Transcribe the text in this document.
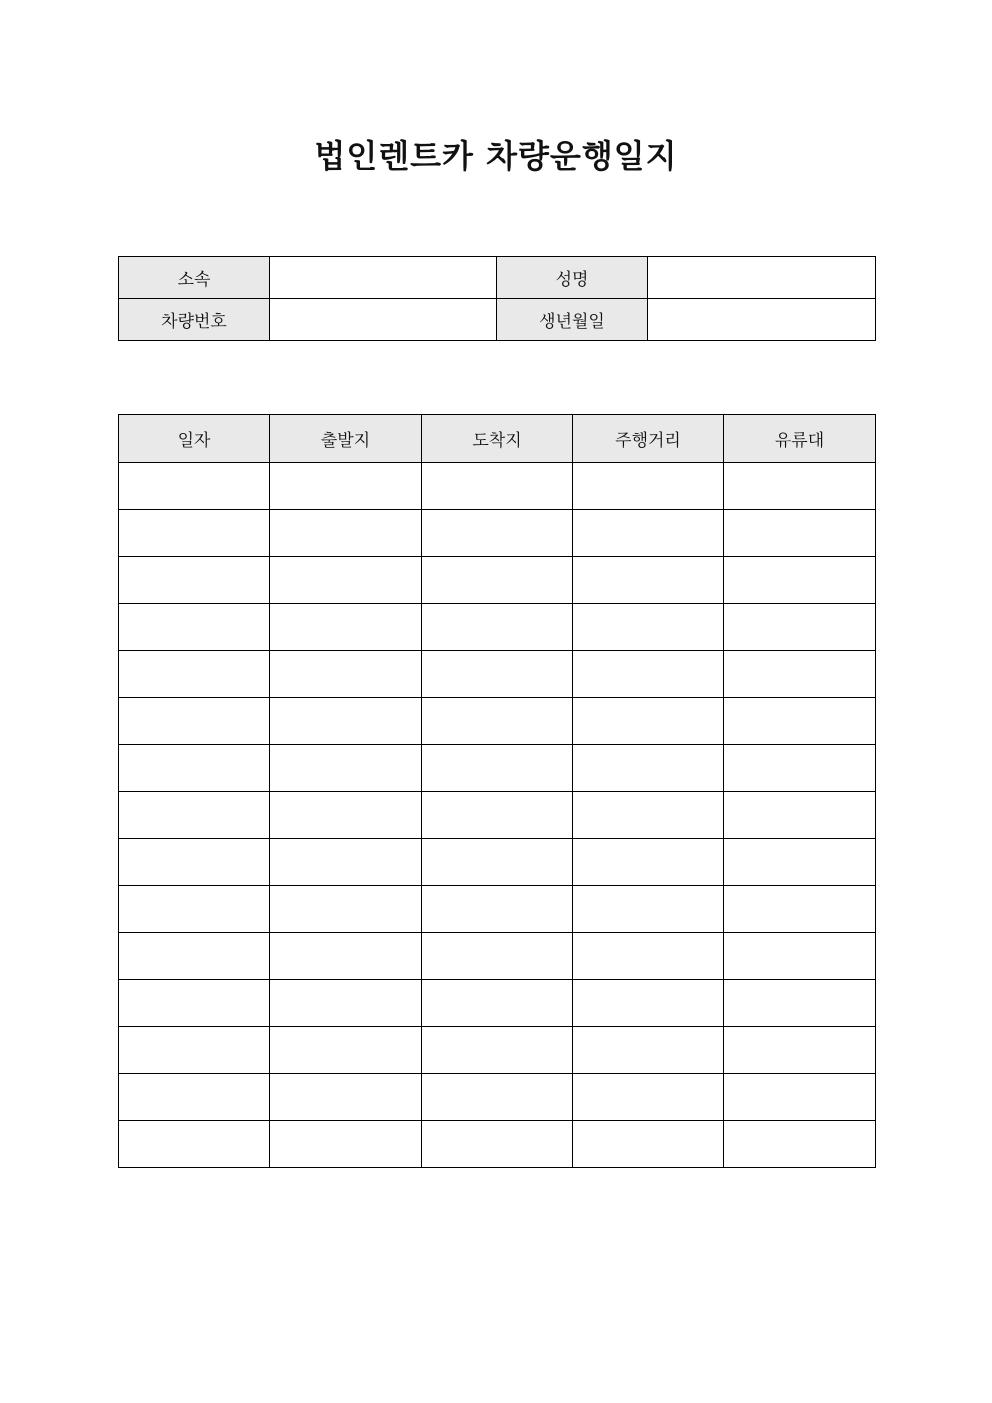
법인렌트카 차량운행일지
소속		성명	
차량번호		생년월일	
일자	출발지	도착지	주행거리	유류대
